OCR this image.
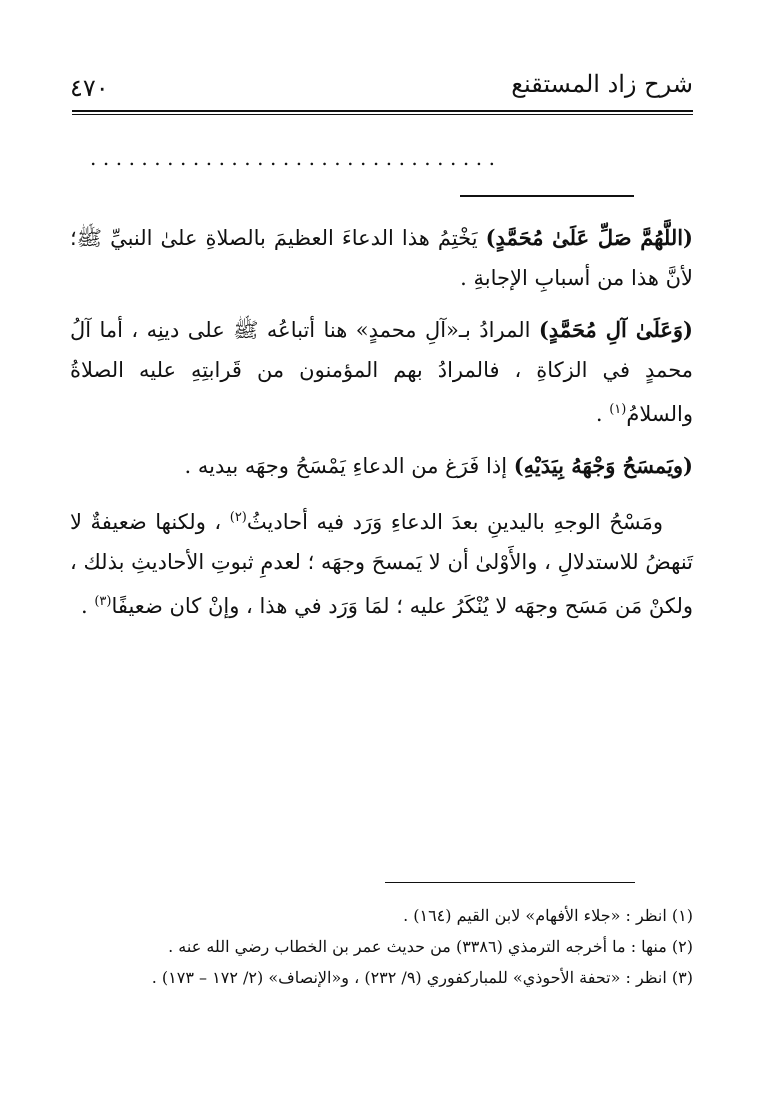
شرح زاد المستقنع
٤٧٠
................................

(اللَّهُمَّ صَلِّ عَلَىٰ مُحَمَّدٍ) يَخْتِمُ هذا الدعاءَ العظيمَ بالصلاةِ علىٰ النبيِّ ﷺ؛ لأنَّ هذا من أسبابِ الإجابةِ .

(وَعَلَىٰ آلِ مُحَمَّدٍ) المرادُ بـ«آلِ محمدٍ» هنا أتباعُه ﷺ على دينِه ، أما آلُ محمدٍ في الزكاةِ ، فالمرادُ بهم المؤمنون من قَرابتِهِ عليه الصلاةُ والسلامُ$^{(١)}$ .

(ويَمسَحُ وَجْهَهُ بِيَدَيْهِ) إذا فَرَغ من الدعاءِ يَمْسَحُ وجهَه بيديه .

ومَسْحُ الوجهِ باليدينِ بعدَ الدعاءِ وَرَد فيه أحاديثُ$^{(٢)}$ ، ولكنها ضعيفةٌ لا تَنهضُ للاستدلالِ ، والأَوْلىٰ أن لا يَمسحَ وجهَه ؛ لعدمِ ثبوتِ الأحاديثِ بذلك ، ولكنْ مَن مَسَح وجهَه لا يُنْكَرُ عليه ؛ لمَا وَرَد في هذا ، وإنْ كان ضعيفًا$^{(٣)}$ .

(١) انظر : «جلاء الأفهام» لابن القيم (١٦٤) .
(٢) منها : ما أخرجه الترمذي (٣٣٨٦) من حديث عمر بن الخطاب رضي الله عنه .
(٣) انظر : «تحفة الأحوذي» للمباركفوري (٩/ ٢٣٢) ، و«الإنصاف» (٢/ ١٧٢ – ١٧٣) .
